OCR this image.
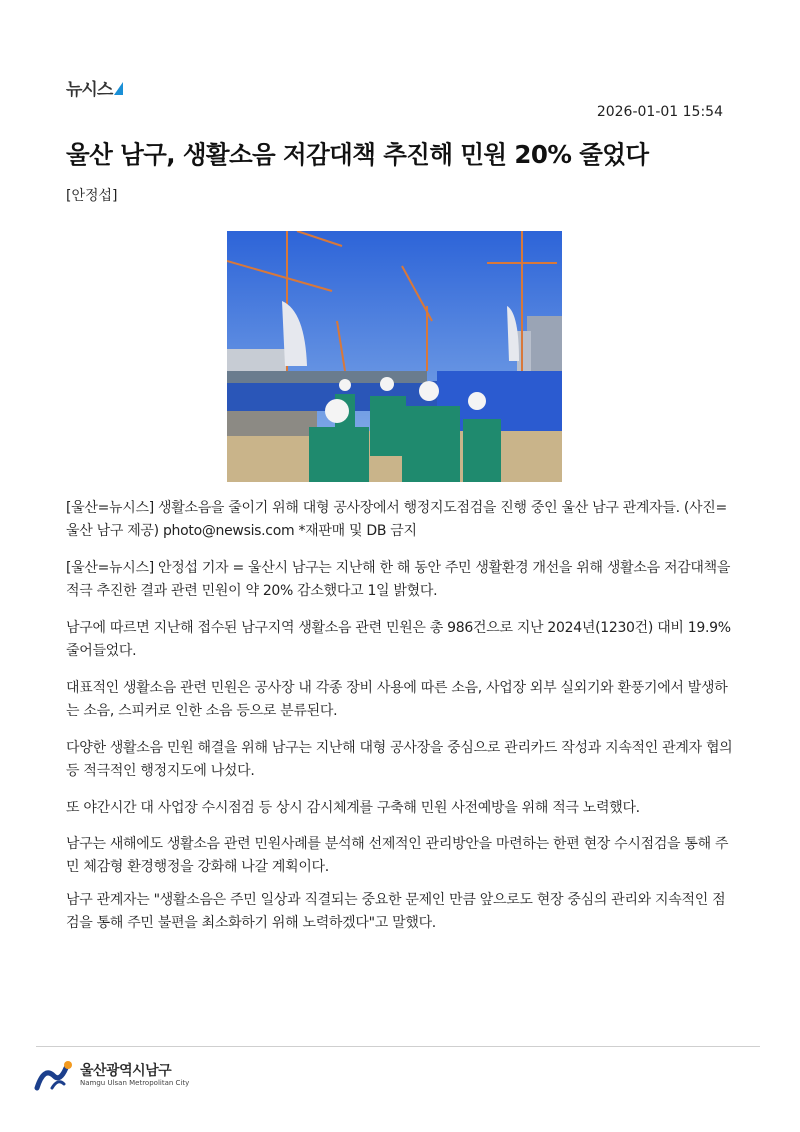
뉴시스
2026-01-01 15:54
울산 남구, 생활소음 저감대책 추진해 민원 20% 줄었다
[안정섭]

[울산=뉴시스] 생활소음을 줄이기 위해 대형 공사장에서 행정지도점검을 진행 중인 울산 남구 관계자들. (사진=울산 남구 제공) photo@newsis.com *재판매 및 DB 금지

[울산=뉴시스] 안정섭 기자 = 울산시 남구는 지난해 한 해 동안 주민 생활환경 개선을 위해 생활소음 저감대책을 적극 추진한 결과 관련 민원이 약 20% 감소했다고 1일 밝혔다.

남구에 따르면 지난해 접수된 남구지역 생활소음 관련 민원은 총 986건으로 지난 2024년(1230건) 대비 19.9% 줄어들었다.

대표적인 생활소음 관련 민원은 공사장 내 각종 장비 사용에 따른 소음, 사업장 외부 실외기와 환풍기에서 발생하는 소음, 스피커로 인한 소음 등으로 분류된다.

다양한 생활소음 민원 해결을 위해 남구는 지난해 대형 공사장을 중심으로 관리카드 작성과 지속적인 관계자 협의 등 적극적인 행정지도에 나섰다.

또 야간시간 대 사업장 수시점검 등 상시 감시체계를 구축해 민원 사전예방을 위해 적극 노력했다.

남구는 새해에도 생활소음 관련 민원사례를 분석해 선제적인 관리방안을 마련하는 한편 현장 수시점검을 통해 주민 체감형 환경행정을 강화해 나갈 계획이다.

남구 관계자는 "생활소음은 주민 일상과 직결되는 중요한 문제인 만큼 앞으로도 현장 중심의 관리와 지속적인 점검을 통해 주민 불편을 최소화하기 위해 노력하겠다"고 말했다.

울산광역시남구
Namgu Ulsan Metropolitan City
